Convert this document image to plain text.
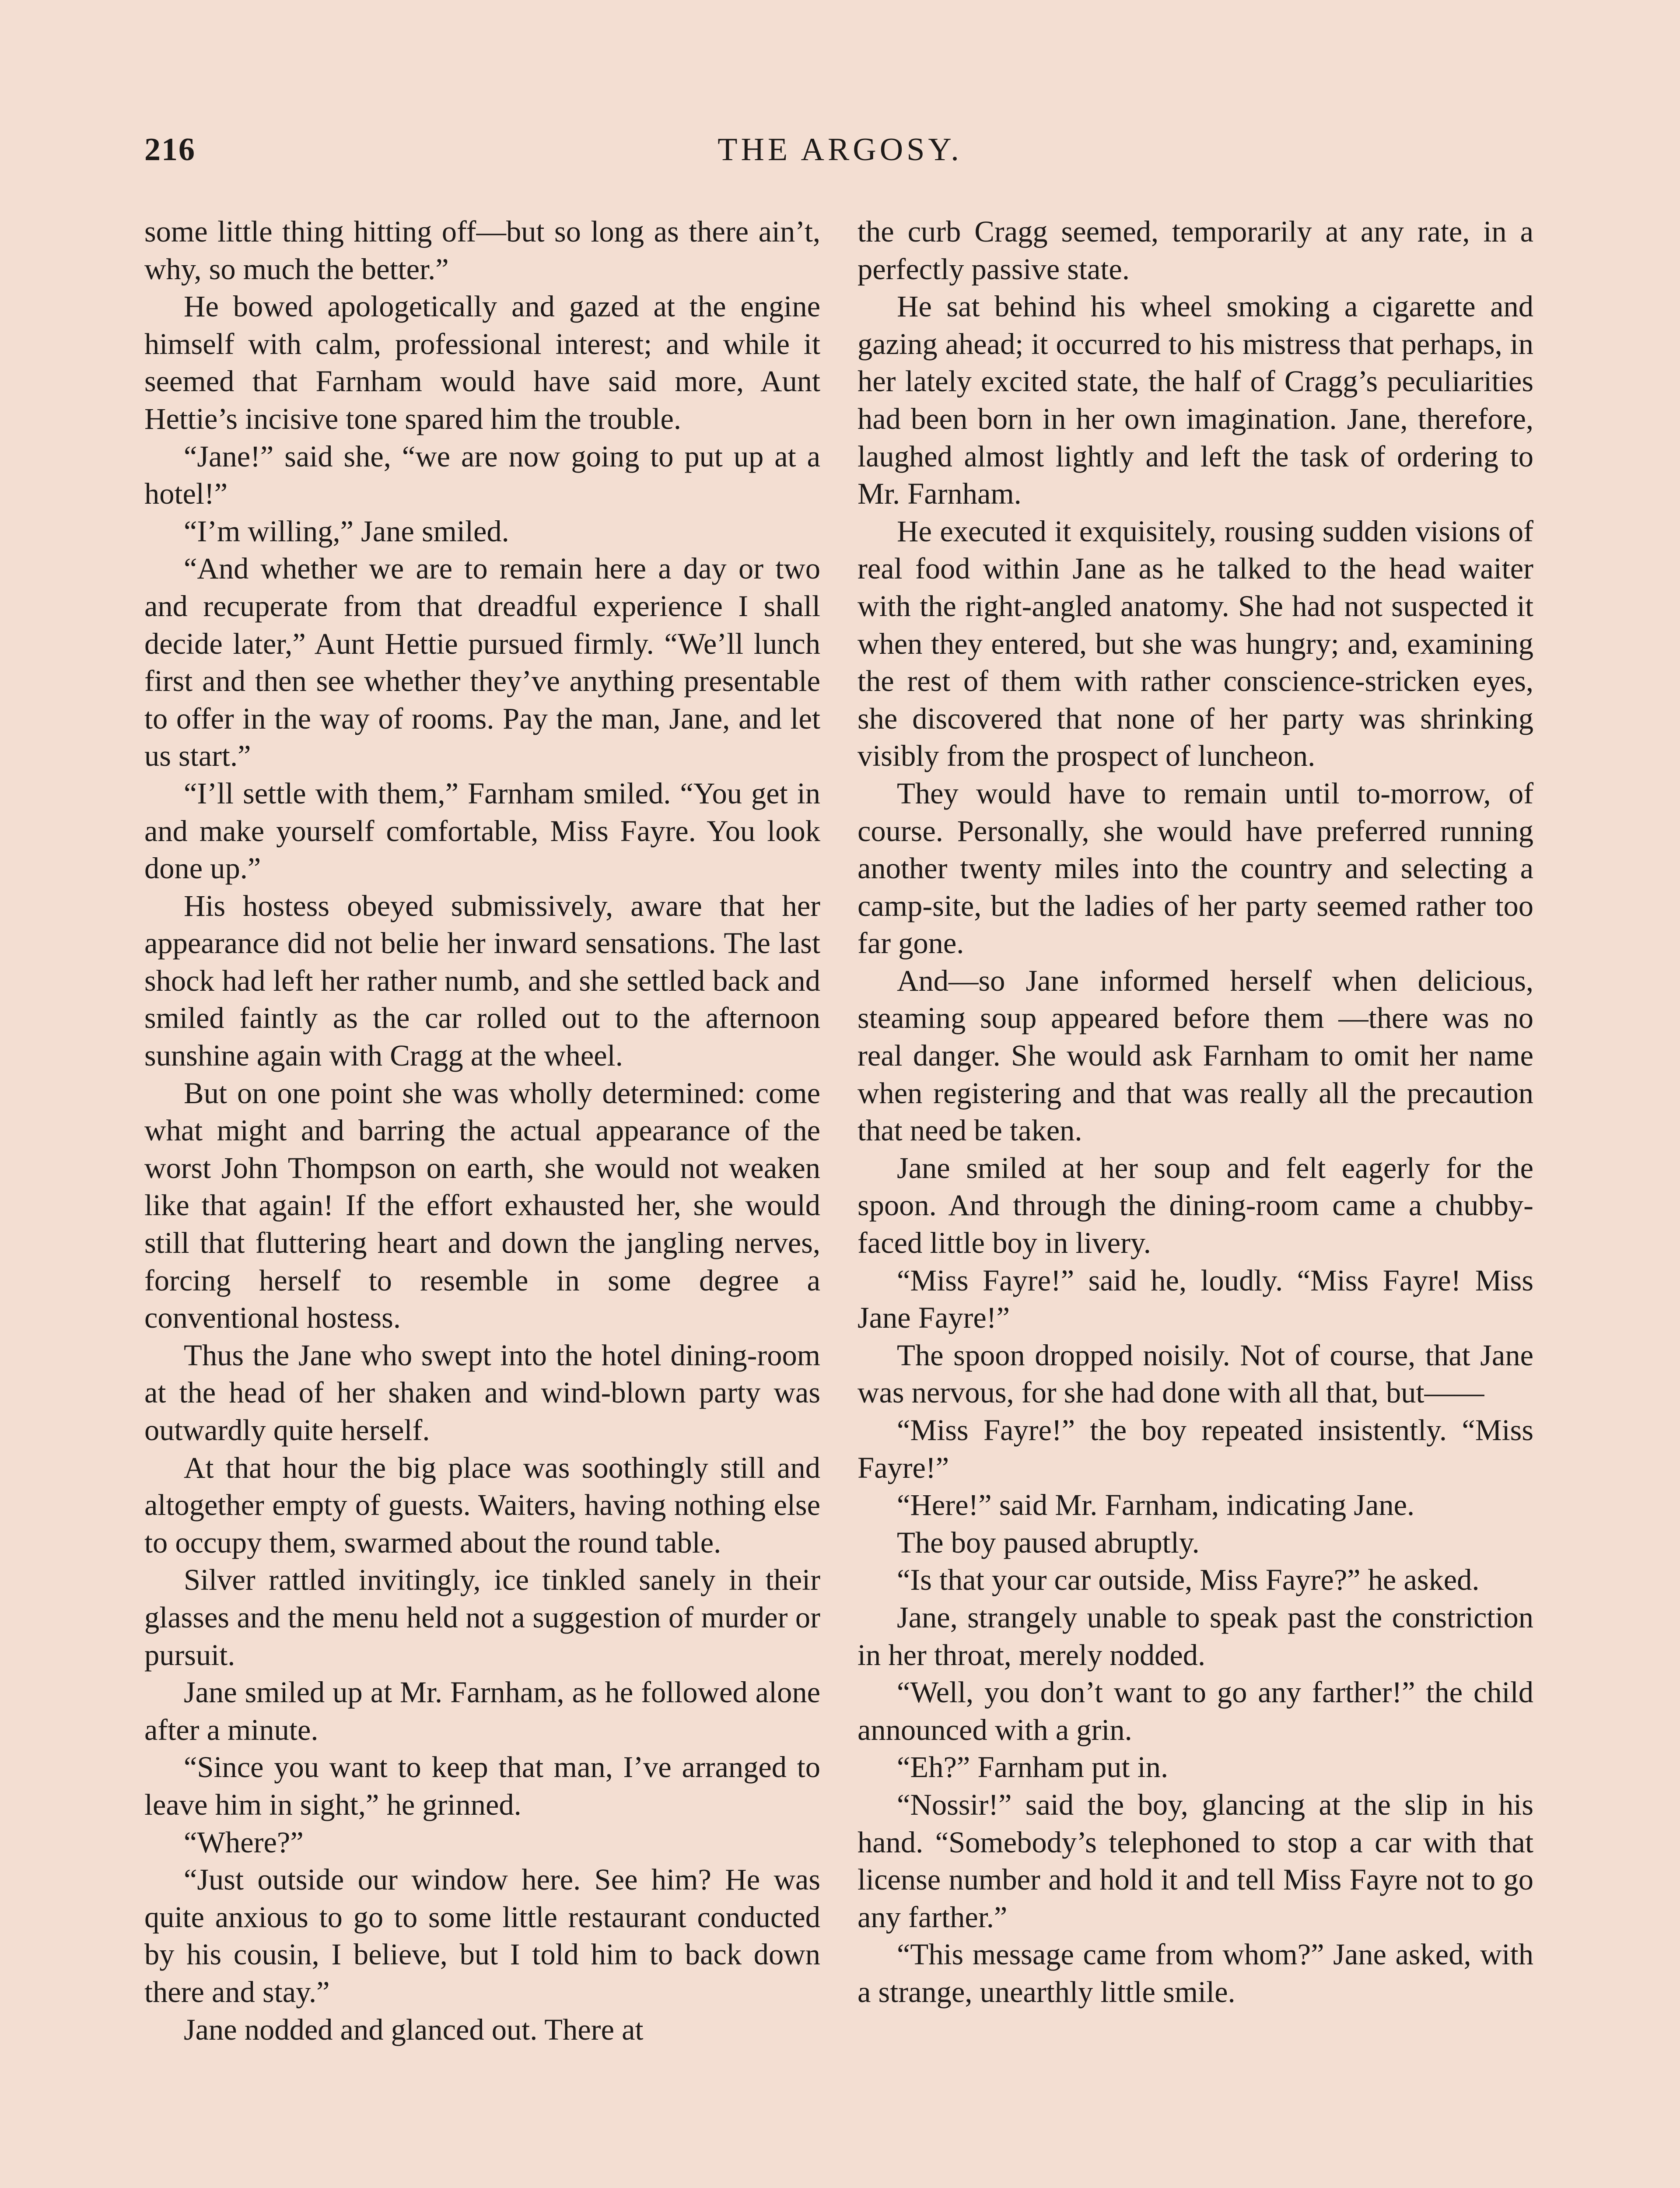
216	THE ARGOSY.

some little thing hitting off—but so long as there ain’t, why, so much the better.”

He bowed apologetically and gazed at the engine himself with calm, professional interest; and while it seemed that Farnham would have said more, Aunt Hettie’s incisive tone spared him the trouble.

“Jane!” said she, “we are now going to put up at a hotel!”

“I’m willing,” Jane smiled.

“And whether we are to remain here a day or two and recuperate from that dreadful experience I shall decide later,” Aunt Hettie pursued firmly. “We’ll lunch first and then see whether they’ve anything presentable to offer in the way of rooms. Pay the man, Jane, and let us start.”

“I’ll settle with them,” Farnham smiled. “You get in and make yourself comfortable, Miss Fayre. You look done up.”

His hostess obeyed submissively, aware that her appearance did not belie her inward sensations. The last shock had left her rather numb, and she settled back and smiled faintly as the car rolled out to the afternoon sunshine again with Cragg at the wheel.

But on one point she was wholly determined: come what might and barring the actual appearance of the worst John Thompson on earth, she would not weaken like that again! If the effort exhausted her, she would still that fluttering heart and down the jangling nerves, forcing herself to resemble in some degree a conventional hostess.

Thus the Jane who swept into the hotel dining-room at the head of her shaken and wind-blown party was outwardly quite herself.

At that hour the big place was soothingly still and altogether empty of guests. Waiters, having nothing else to occupy them, swarmed about the round table.

Silver rattled invitingly, ice tinkled sanely in their glasses and the menu held not a suggestion of murder or pursuit.

Jane smiled up at Mr. Farnham, as he followed alone after a minute.

“Since you want to keep that man, I’ve arranged to leave him in sight,” he grinned.

“Where?”

“Just outside our window here. See him? He was quite anxious to go to some little restaurant conducted by his cousin, I believe, but I told him to back down there and stay.”

Jane nodded and glanced out. There at

the curb Cragg seemed, temporarily at any rate, in a perfectly passive state.

He sat behind his wheel smoking a cigarette and gazing ahead; it occurred to his mistress that perhaps, in her lately excited state, the half of Cragg’s peculiarities had been born in her own imagination. Jane, therefore, laughed almost lightly and left the task of ordering to Mr. Farnham.

He executed it exquisitely, rousing sudden visions of real food within Jane as he talked to the head waiter with the right-angled anatomy. She had not suspected it when they entered, but she was hungry; and, examining the rest of them with rather conscience-stricken eyes, she discovered that none of her party was shrinking visibly from the prospect of luncheon.

They would have to remain until to-morrow, of course. Personally, she would have preferred running another twenty miles into the country and selecting a camp-site, but the ladies of her party seemed rather too far gone.

And—so Jane informed herself when delicious, steaming soup appeared before them —there was no real danger. She would ask Farnham to omit her name when registering and that was really all the precaution that need be taken.

Jane smiled at her soup and felt eagerly for the spoon. And through the dining-room came a chubby-faced little boy in livery.

“Miss Fayre!” said he, loudly. “Miss Fayre! Miss Jane Fayre!”

The spoon dropped noisily. Not of course, that Jane was nervous, for she had done with all that, but——

“Miss Fayre!” the boy repeated insistently. “Miss Fayre!”

“Here!” said Mr. Farnham, indicating Jane.

The boy paused abruptly.

“Is that your car outside, Miss Fayre?” he asked.

Jane, strangely unable to speak past the constriction in her throat, merely nodded.

“Well, you don’t want to go any farther!” the child announced with a grin.

“Eh?” Farnham put in.

“Nossir!” said the boy, glancing at the slip in his hand. “Somebody’s telephoned to stop a car with that license number and hold it and tell Miss Fayre not to go any farther.”

“This message came from whom?” Jane asked, with a strange, unearthly little smile.
